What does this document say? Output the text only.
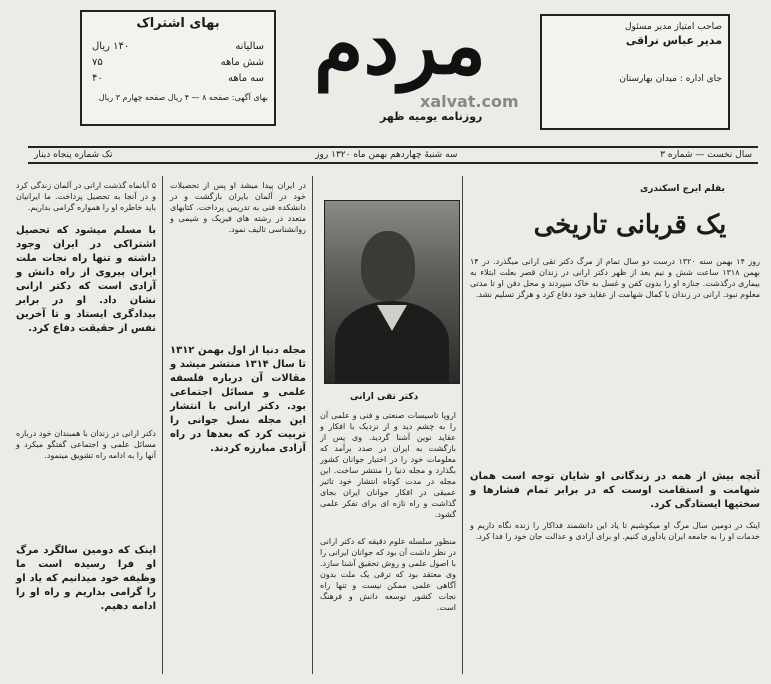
بهای اشتراک
سالیانه
۱۴۰ ریال
شش ماهه
۷۵
سه ماهه
۴۰
بهای آگهی: صفحه ۸ — ۴ ریال صفحه چهارم ۳ ریال
مردم
xalvat.com
روزنامه یومیه ظهر
صاحب امتیاز مدیر مسئول
مدیر عباس نراقی
جای اداره : میدان بهارستان
سال نخست — شماره ۳
سه شنبهٔ چهاردهم بهمن ماه ۱۳۲۰ روز
تک شماره پنجاه دینار
بقلم ایرج اسکندری
یک قربانی تاریخی
روز ۱۴ بهمن سنه ۱۳۲۰ درست دو سال تمام از مرگ دکتر تقی ارانی میگذرد. در ۱۴ بهمن ۱۳۱۸ ساعت شش و نیم بعد از ظهر دکتر ارانی در زندان قصر بعلت ابتلاء به بیماری درگذشت. جنازه او را بدون کفن و غسل به خاک سپردند و محل دفن او تا مدتی معلوم نبود. ارانی در زندان با کمال شهامت از عقاید خود دفاع کرد و هرگز تسلیم نشد.
آنچه بیش از همه در زندگانی او شایان توجه است همان شهامت و استقامت اوست که در برابر تمام فشارها و سختیها ایستادگی کرد.
اینک در دومین سال مرگ او میکوشیم تا یاد این دانشمند فداکار را زنده نگاه داریم و خدمات او را به جامعه ایران یادآوری کنیم. او برای آزادی و عدالت جان خود را فدا کرد.
دکتر تقی ارانی
اروپا تاسیسات صنعتی و فنی و علمی آن را به چشم دید و از نزدیک با افکار و عقاید نوین آشنا گردید. وی پس از بازگشت به ایران در صدد برآمد که معلومات خود را در اختیار جوانان کشور بگذارد و مجله دنیا را منتشر ساخت. این مجله در مدت کوتاه انتشار خود تاثیر عمیقی در افکار جوانان ایران بجای گذاشت و راه تازه ای برای تفکر علمی گشود.
منظور سلسله علوم دقیقه که دکتر ارانی در نظر داشت آن بود که جوانان ایرانی را با اصول علمی و روش تحقیق آشنا سازد. وی معتقد بود که ترقی یک ملت بدون آگاهی علمی ممکن نیست و تنها راه نجات کشور توسعه دانش و فرهنگ است.
در ایران پیدا میشد او پس از تحصیلات خود در آلمان بایران بازگشت و در دانشکده فنی به تدریس پرداخت. کتابهای متعدد در رشته های فیزیک و شیمی و روانشناسی تالیف نمود.
مجله دنیا از اول بهمن ۱۳۱۲ تا سال ۱۳۱۴ منتشر میشد و مقالات آن درباره فلسفه علمی و مسائل اجتماعی بود. دکتر ارانی با انتشار این مجله نسل جوانی را تربیت کرد که بعدها در راه آزادی مبارزه کردند.
۵ آبانماه گذشت ارانی در آلمان زندگی کرد و در آنجا به تحصیل پرداخت. ما ایرانیان باید خاطره او را همواره گرامی بداریم.
با مسلم میشود که تحصیل اشتراکی در ایران وجود داشته و تنها راه نجات ملت ایران پیروی از راه دانش و آزادی است که دکتر ارانی نشان داد. او در برابر بیدادگری ایستاد و تا آخرین نفس از حقیقت دفاع کرد.
دکتر ارانی در زندان با همبندان خود درباره مسائل علمی و اجتماعی گفتگو میکرد و آنها را به ادامه راه تشویق مینمود.
اینک که دومین سالگرد مرگ او فرا رسیده است ما وظیفه خود میدانیم که یاد او را گرامی بداریم و راه او را ادامه دهیم.
